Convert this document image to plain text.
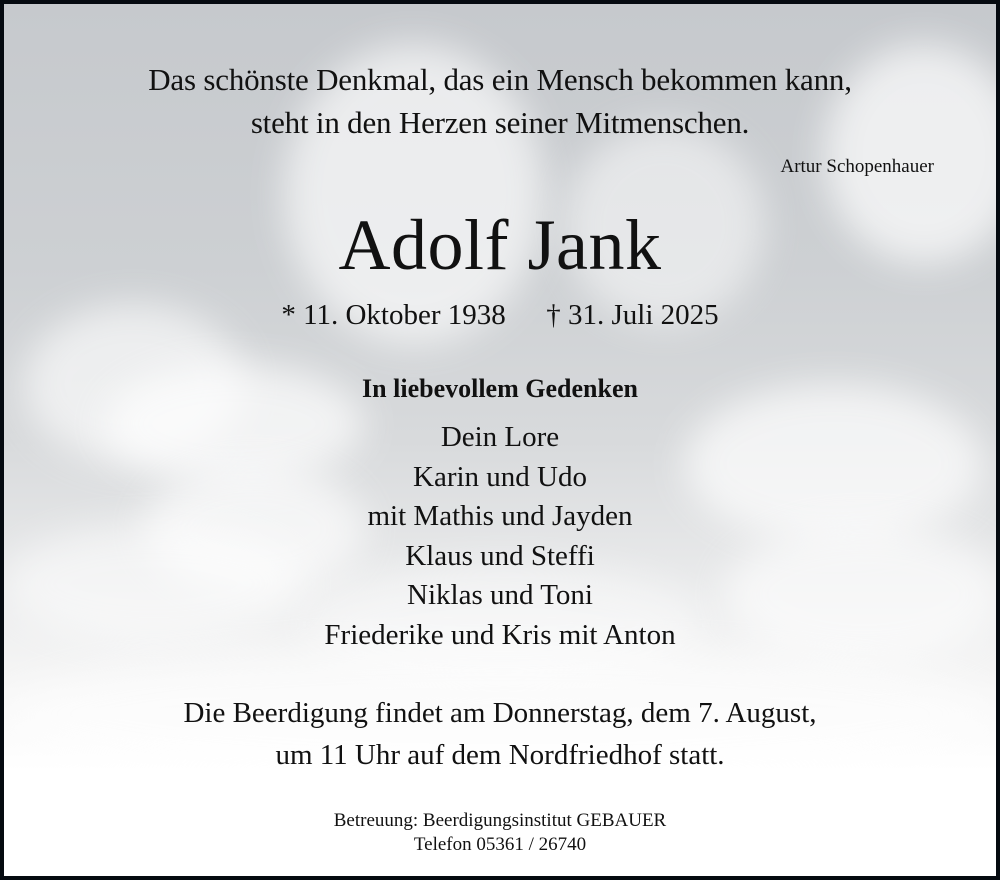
Das schönste Denkmal, das ein Mensch bekommen kann,
steht in den Herzen seiner Mitmenschen.
Artur Schopenhauer
Adolf Jank
* 11. Oktober 1938 † 31. Juli 2025
In liebevollem Gedenken
Dein Lore
Karin und Udo
mit Mathis und Jayden
Klaus und Steffi
Niklas und Toni
Friederike und Kris mit Anton
Die Beerdigung findet am Donnerstag, dem 7. August,
um 11 Uhr auf dem Nordfriedhof statt.
Betreuung: Beerdigungsinstitut GEBAUER
Telefon 05361 / 26740
